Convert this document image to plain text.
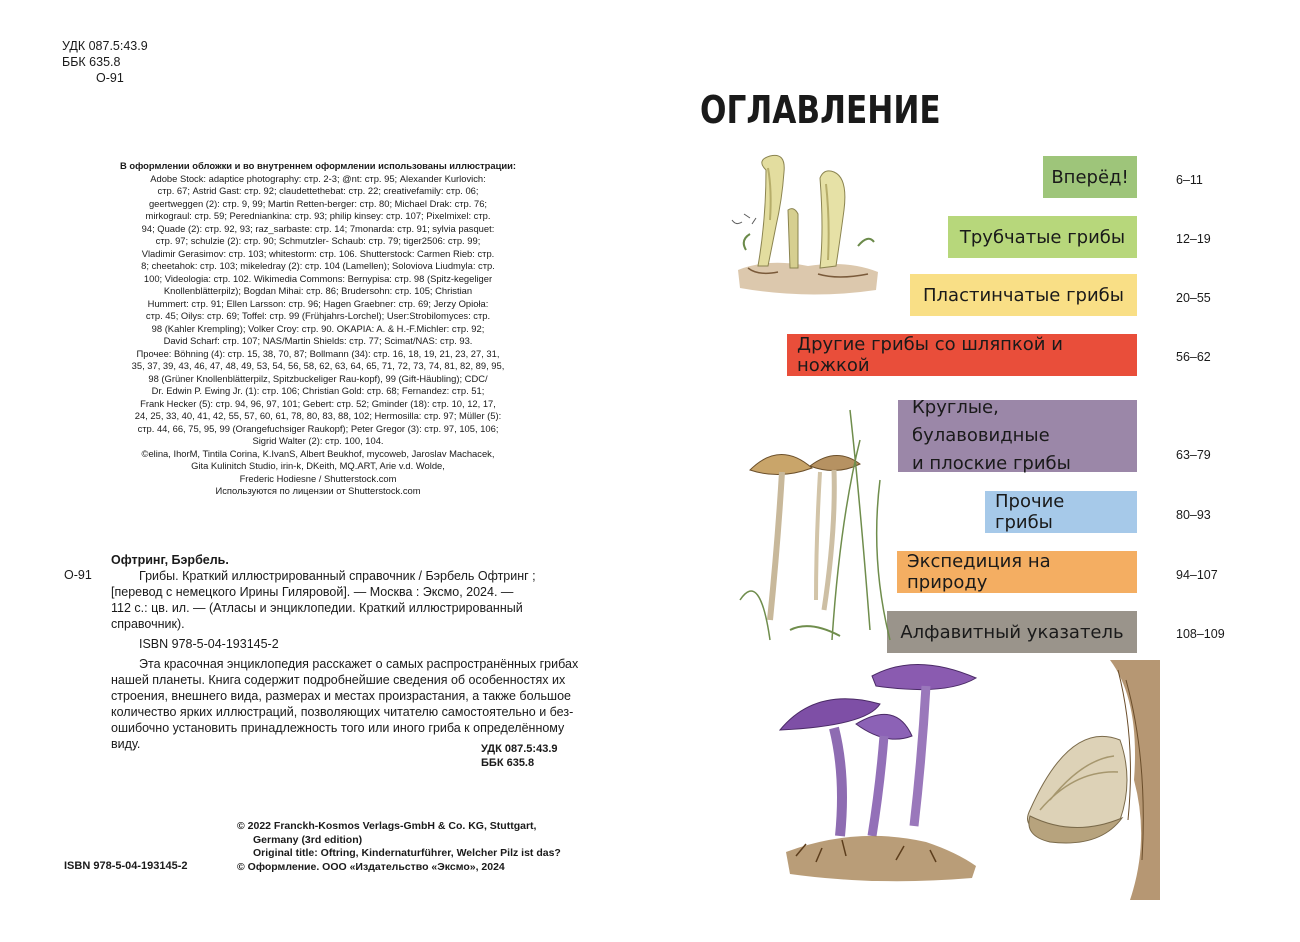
УДК 087.5:43.9
ББК 635.8
О-91
В оформлении обложки и во внутреннем оформлении использованы иллюстрации:
Adobe Stock: adaptice photography: стр. 2-3; @nt: стр. 95; Alexander Kurlovich:
стр. 67; Astrid Gast: стр. 92; claudettethebat: стр. 22; creativefamily: стр. 06;
geertweggen (2): стр. 9, 99; Martin Retten-berger: стр. 80; Michael Drak: стр. 76;
mirkograul: стр. 59; Perednian​kina: стр. 93; philip kinsey: стр. 107; Pixelmixel: стр.
94; Quade (2): стр. 92, 93; raz_sarbaste: стр. 14; 7monarda: стр. 91; sylvia pasquet:
стр. 97; schulzie (2): стр. 90; Schmutzler- Schaub: стр. 79; tiger2506: стр. 99;
Vladimir Gerasimov: стр. 103; whitestorm: стр. 106. Shutterstock: Carmen Rieb: стр.
8; cheetahok: стр. 103; mikeledray (2): стр. 104 (Lamellen); Soloviova Liudmyla: стр.
100; Videologia: стр. 102. Wikimedia Commons: Bernypisa: стр. 98 (Spitz-kegeliger
Knollenblätterpilz); Bogdan Mihai: стр. 86; Brudersohn: стр. 105; Christian
Hummert: стр. 91; Ellen Larsson: стр. 96; Hagen Graebner: стр. 69; Jerzy Opioła:
стр. 45; Oilys: стр. 69; Toffel: стр. 99 (Frühjahrs-Lorchel); User:Strobilomyces: стр.
98 (Kahler Krempling); Volker Croy: стр. 90. OKAPIA: A. & H.-F.Michler: стр. 92;
David Scharf: стр. 107; NAS/Martin Shields: стр. 77; Scimat/NAS: стр. 93.
Прочее: Böhning (4): стр. 15, 38, 70, 87; Bollmann (34): стр. 16, 18, 19, 21, 23, 27, 31,
35, 37, 39, 43, 46, 47, 48, 49, 53, 54, 56, 58, 62, 63, 64, 65, 71, 72, 73, 74, 81, 82, 89, 95,
98 (Grüner Knollenblätterpilz, Spitzbuckeliger Rau-kopf), 99 (Gift-Häubling); CDC/
Dr. Edwin P. Ewing Jr. (1): стр. 106; Christian Gold: стр. 68; Fernandez: стр. 51;
Frank Hecker (5): стр. 94, 96, 97, 101; Gebert: стр. 52; Gminder (18): стр. 10, 12, 17,
24, 25, 33, 40, 41, 42, 55, 57, 60, 61, 78, 80, 83, 88, 102; Hermosilla: стр. 97; Müller (5):
стр. 44, 66, 75, 95, 99 (Orangefuchsiger Raukopf); Peter Gregor (3): стр. 97, 105, 106;
Sigrid Walter (2): стр. 100, 104.
©elina, IhorM, Tintila Corina, K.IvanS, Albert Beukhof, mycoweb, Jaroslav Machacek,
Gita Kulinitch Studio, irin-k, DKeith, MQ.ART, Arie v.d. Wolde,
Frederic Hodiesne / Shutterstock.com
Используются по лицензии от Shutterstock.com
О-91
Офтринг, Бэрбель.
Грибы. Краткий иллюстрированный справочник / Бэрбель Офтринг ;
[перевод с немецкого Ирины Гиляровой]. — Москва : Эксмо, 2024. —
112 с.: цв. ил. — (Атласы и энциклопедии. Краткий иллюстрированный
справочник).
ISBN 978-5-04-193145-2
Эта красочная энциклопедия расскажет о самых распространённых грибах нашей планеты. Книга содержит подробнейшие сведения об особенностях их строения, внешнего вида, размерах и местах произрастания, а также большое количество ярких иллюстраций, позволяющих читателю самостоятельно и без-ошибочно установить принадлежность того или иного гриба к определённому виду.	УДК 087.5:43.9
ББК 635.8
© 2022 Franckh-Kosmos Verlags-GmbH & Co. KG, Stuttgart,
Germany (3rd edition)
Original title: Oftring, Kindernaturführer, Welcher Pilz ist das?
© Оформление. ООО «Издательство «Эксмо», 2024
ISBN 978-5-04-193145-2
ОГЛАВЛЕНИЕ
Вперёд!	6–11
Трубчатые грибы	12–19
Пластинчатые грибы	20–55
Другие грибы со шляпкой и ножкой	56–62
Круглые, булавовидные
и плоские грибы	63–79
Прочие грибы	80–93
Экспедиция на природу	94–107
Алфавитный указатель	108–109
